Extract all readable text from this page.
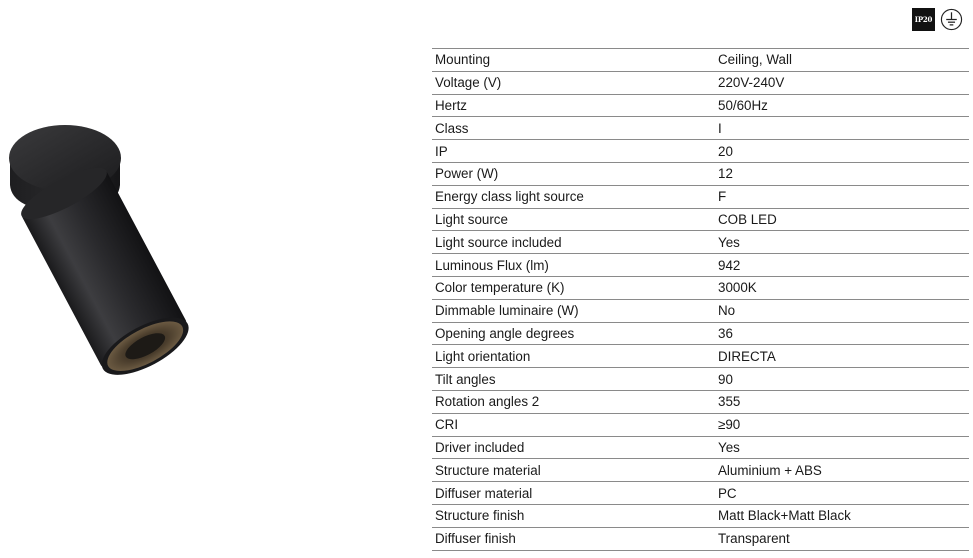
IP20
Mounting	Ceiling, Wall
Voltage (V)	220V-240V
Hertz	50/60Hz
Class	I
IP	20
Power (W)	12
Energy class light source	F
Light source	COB LED
Light source included	Yes
Luminous Flux (lm)	942
Color temperature (K)	3000K
Dimmable luminaire (W)	No
Opening angle degrees	36
Light orientation	DIRECTA
Tilt angles	90
Rotation angles 2	355
CRI	≥90
Driver included	Yes
Structure material	Aluminium + ABS
Diffuser material	PC
Structure finish	Matt Black+Matt Black
Diffuser finish	Transparent
